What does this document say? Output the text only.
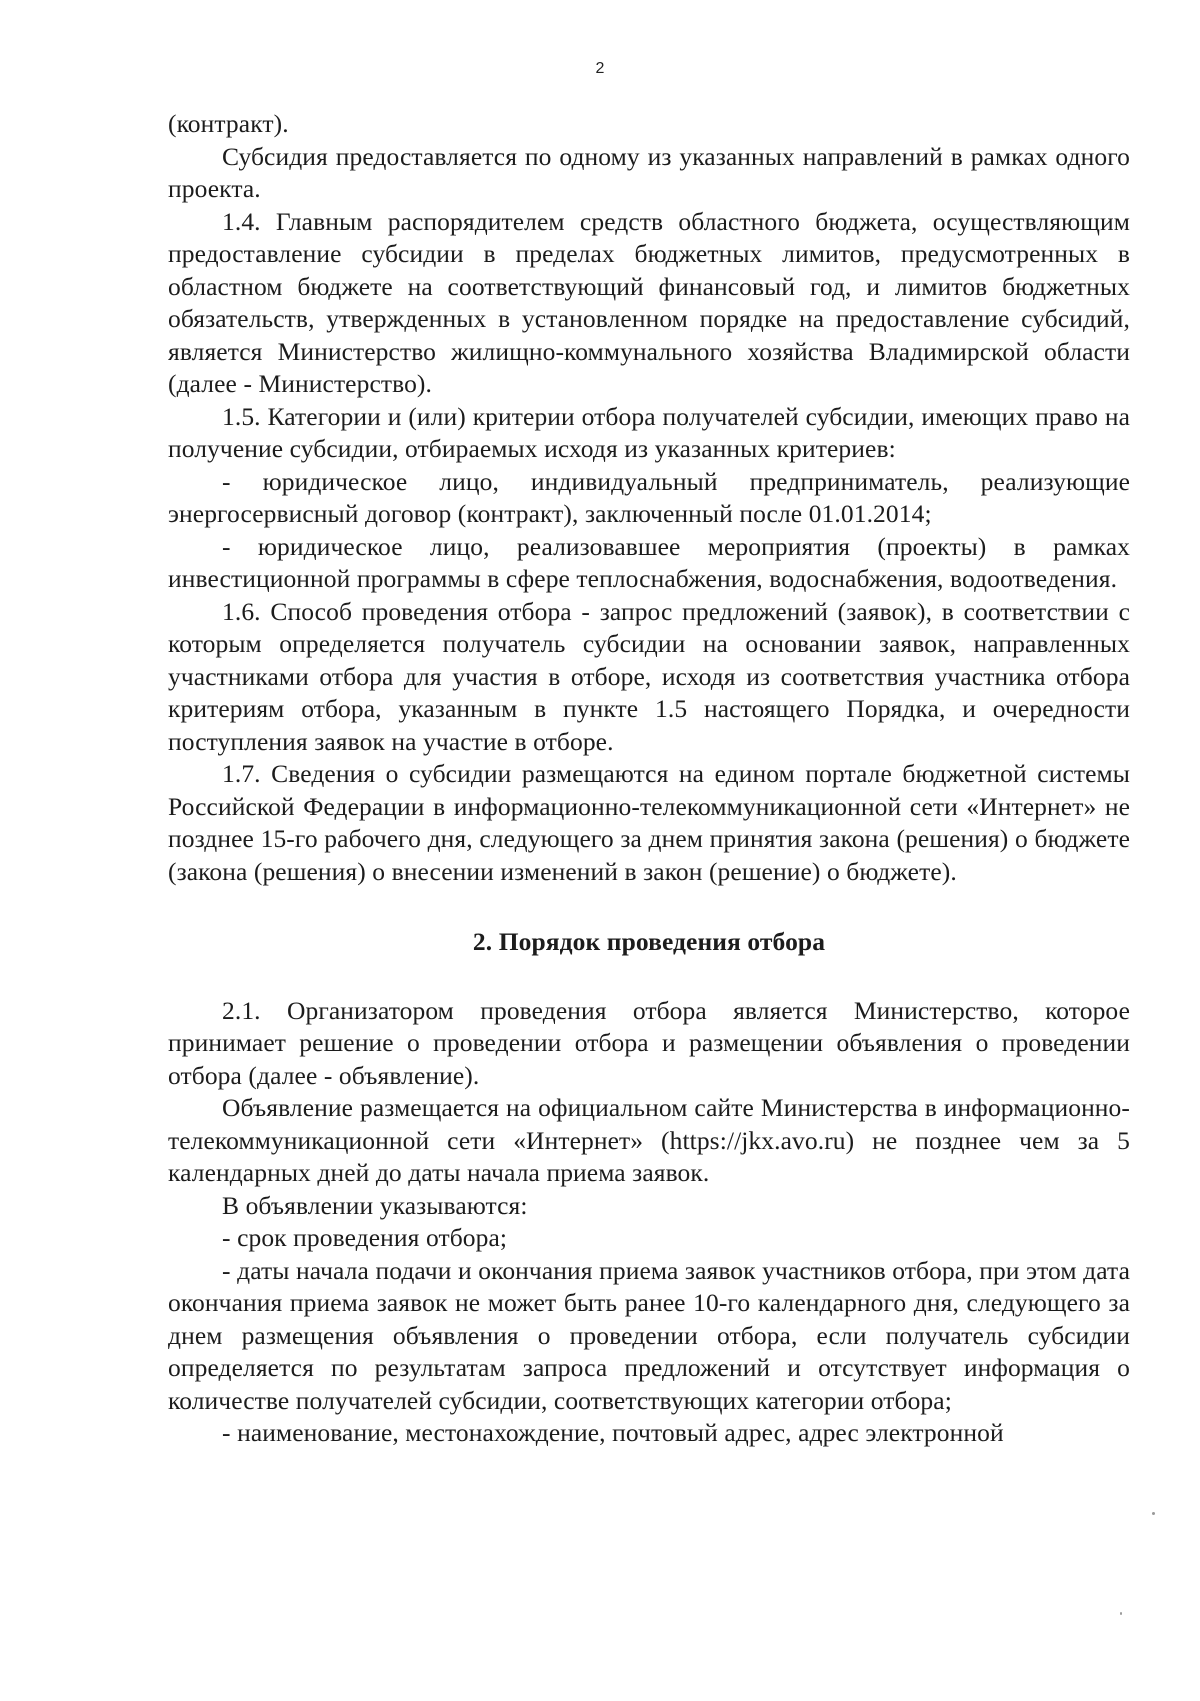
2

(контракт).

Субсидия предоставляется по одному из указанных направлений в рамках одного проекта.

1.4. Главным распорядителем средств областного бюджета, осуществляющим предоставление субсидии в пределах бюджетных лимитов, предусмотренных в областном бюджете на соответствующий финансовый год, и лимитов бюджетных обязательств, утвержденных в установленном порядке на предоставление субсидий, является Министерство жилищно-коммунального хозяйства Владимирской области (далее - Министерство).

1.5. Категории и (или) критерии отбора получателей субсидии, имеющих право на получение субсидии, отбираемых исходя из указанных критериев:

- юридическое лицо, индивидуальный предприниматель, реализующие энергосервисный договор (контракт), заключенный после 01.01.2014;

- юридическое лицо, реализовавшее мероприятия (проекты) в рамках инвестиционной программы в сфере теплоснабжения, водоснабжения, водоотведения.

1.6. Способ проведения отбора - запрос предложений (заявок), в соответствии с которым определяется получатель субсидии на основании заявок, направленных участниками отбора для участия в отборе, исходя из соответствия участника отбора критериям отбора, указанным в пункте 1.5 настоящего Порядка, и очередности поступления заявок на участие в отборе.

1.7. Сведения о субсидии размещаются на едином портале бюджетной системы Российской Федерации в информационно-телекоммуникационной сети «Интернет» не позднее 15-го рабочего дня, следующего за днем принятия закона (решения) о бюджете (закона (решения) о внесении изменений в закон (решение) о бюджете).

2. Порядок проведения отбора

2.1. Организатором проведения отбора является Министерство, которое принимает решение о проведении отбора и размещении объявления о проведении отбора (далее - объявление).

Объявление размещается на официальном сайте Министерства в информационно-телекоммуникационной сети «Интернет» (https://jkx.avo.ru) не позднее чем за 5 календарных дней до даты начала приема заявок.

В объявлении указываются:

- срок проведения отбора;

- даты начала подачи и окончания приема заявок участников отбора, при этом дата окончания приема заявок не может быть ранее 10-го календарного дня, следующего за днем размещения объявления о проведении отбора, если получатель субсидии определяется по результатам запроса предложений и отсутствует информация о количестве получателей субсидии, соответствующих категории отбора;

- наименование, местонахождение, почтовый адрес, адрес электронной
